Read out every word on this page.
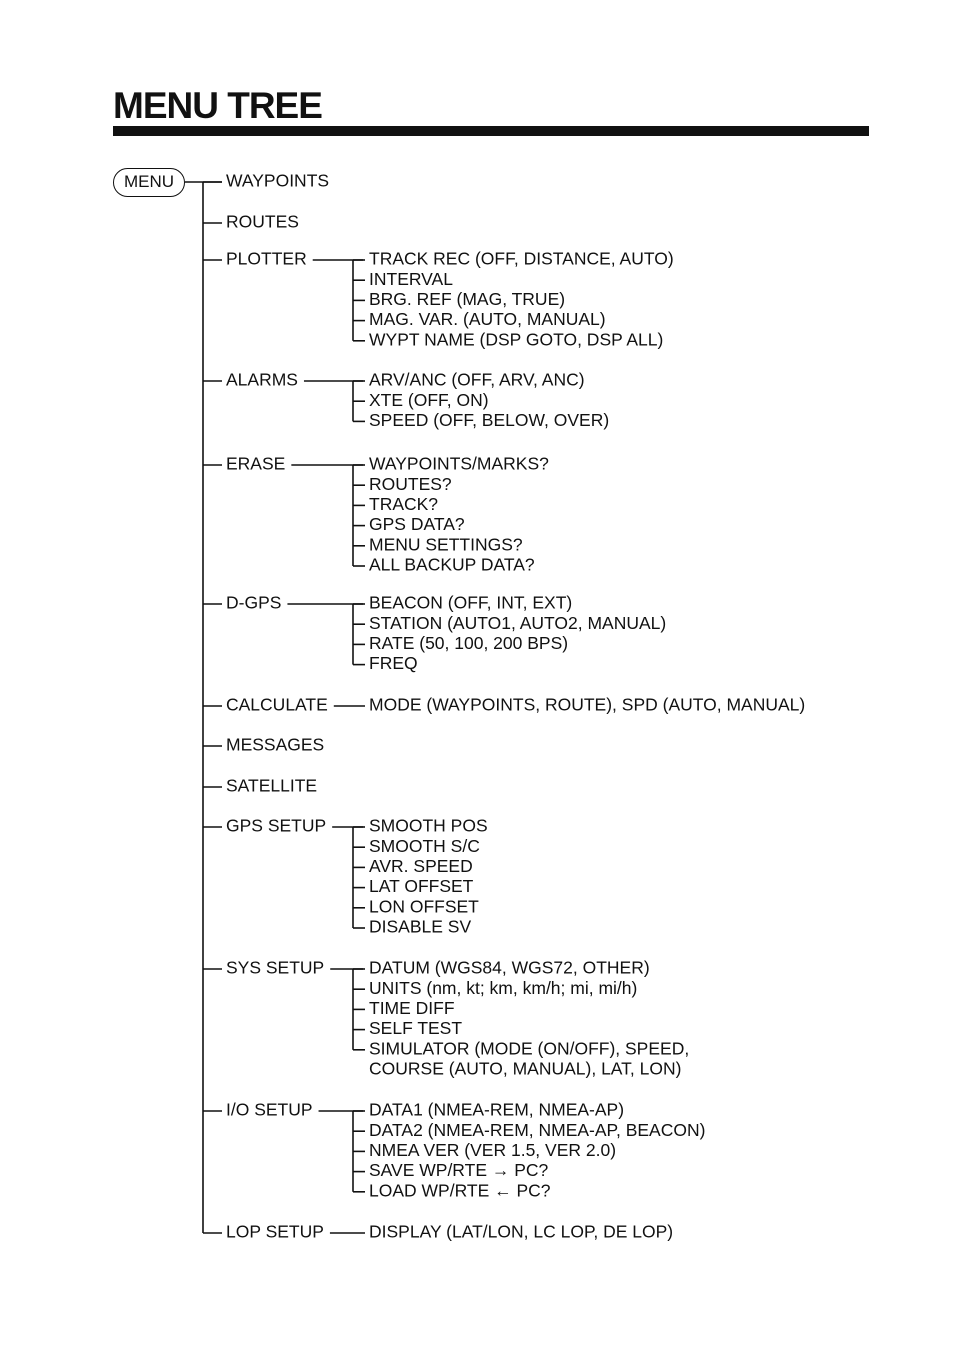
MENU TREE
MENU	WAYPOINTS
ROUTES
PLOTTER	TRACK REC (OFF, DISTANCE, AUTO)
INTERVAL
BRG. REF (MAG, TRUE)
MAG. VAR. (AUTO, MANUAL)
WYPT NAME (DSP GOTO, DSP ALL)
ALARMS	ARV/ANC (OFF, ARV, ANC)
XTE (OFF, ON)
SPEED (OFF, BELOW, OVER)
ERASE	WAYPOINTS/MARKS?
ROUTES?
TRACK?
GPS DATA?
MENU SETTINGS?
ALL BACKUP DATA?
D-GPS	BEACON (OFF, INT, EXT)
STATION (AUTO1, AUTO2, MANUAL)
RATE (50, 100, 200 BPS)
FREQ
CALCULATE MODE (WAYPOINTS, ROUTE), SPD (AUTO, MANUAL)
MESSAGES
SATELLITE
GPS SETUP SMOOTH POS
SMOOTH S/C
AVR. SPEED
LAT OFFSET
LON OFFSET
DISABLE SV
SYS SETUP	DATUM (WGS84, WGS72, OTHER)
UNITS (nm, kt; km, km/h; mi, mi/h)
TIME DIFF
SELF TEST
SIMULATOR (MODE (ON/OFF), SPEED,
COURSE (AUTO, MANUAL), LAT, LON)
I/O SETUP	DATA1 (NMEA-REM, NMEA-AP)
DATA2 (NMEA-REM, NMEA-AP, BEACON)
NMEA VER (VER 1.5, VER 2.0)
SAVE WP/RTE → PC?
LOAD WP/RTE ← PC?
LOP SETUP	DISPLAY (LAT/LON, LC LOP, DE LOP)
